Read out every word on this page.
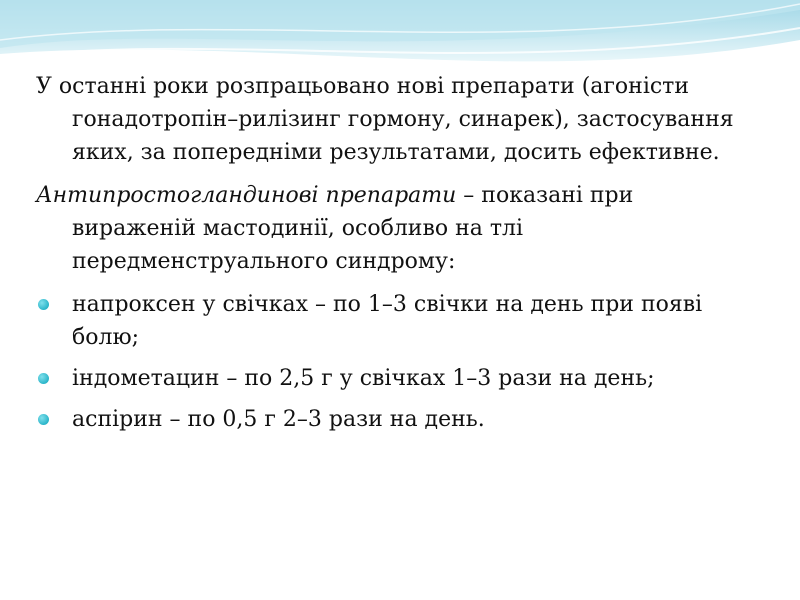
У останні роки розпрацьовано нові препарати (агоністи гонадотропін–рилізинг гормону, синарек), застосування яких, за попередніми результатами, досить ефективне.

Антипростогландинові препарати – показані при вираженій мастодинії, особливо на тлі передменструального синдрому:

напроксен у свічках – по 1–3 свічки на день при появі болю;
індометацин – по 2,5 г у свічках 1–3 рази на день;
аспірин – по 0,5 г 2–3 рази на день.
